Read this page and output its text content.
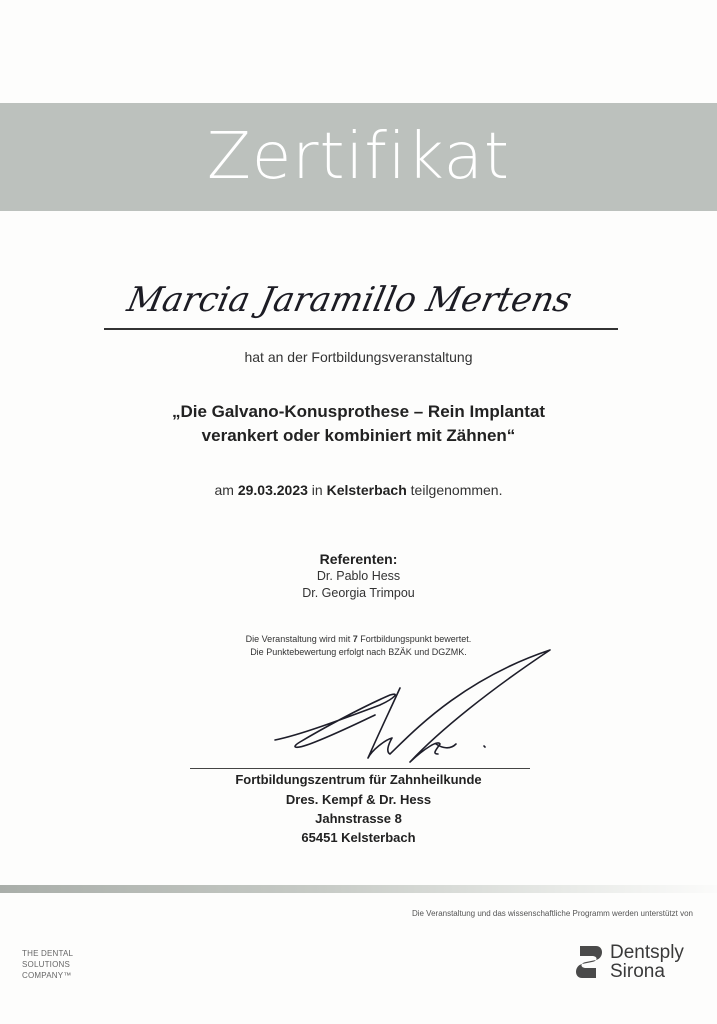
Zertifikat
Marcia Jaramillo Mertens
hat an der Fortbildungsveranstaltung
„Die Galvano-Konusprothese – Rein Implantat
verankert oder kombiniert mit Zähnen“
am 29.03.2023 in Kelsterbach teilgenommen.
Referenten:
Dr. Pablo Hess
Dr. Georgia Trimpou
Die Veranstaltung wird mit 7 Fortbildungspunkt bewertet.
Die Punktebewertung erfolgt nach BZÄK und DGZMK.
Fortbildungszentrum für Zahnheilkunde
Dres. Kempf & Dr. Hess
Jahnstrasse 8
65451 Kelsterbach
Die Veranstaltung und das wissenschaftliche Programm werden unterstützt von
THE DENTAL
SOLUTIONS
COMPANY™
Dentsply
Sirona
